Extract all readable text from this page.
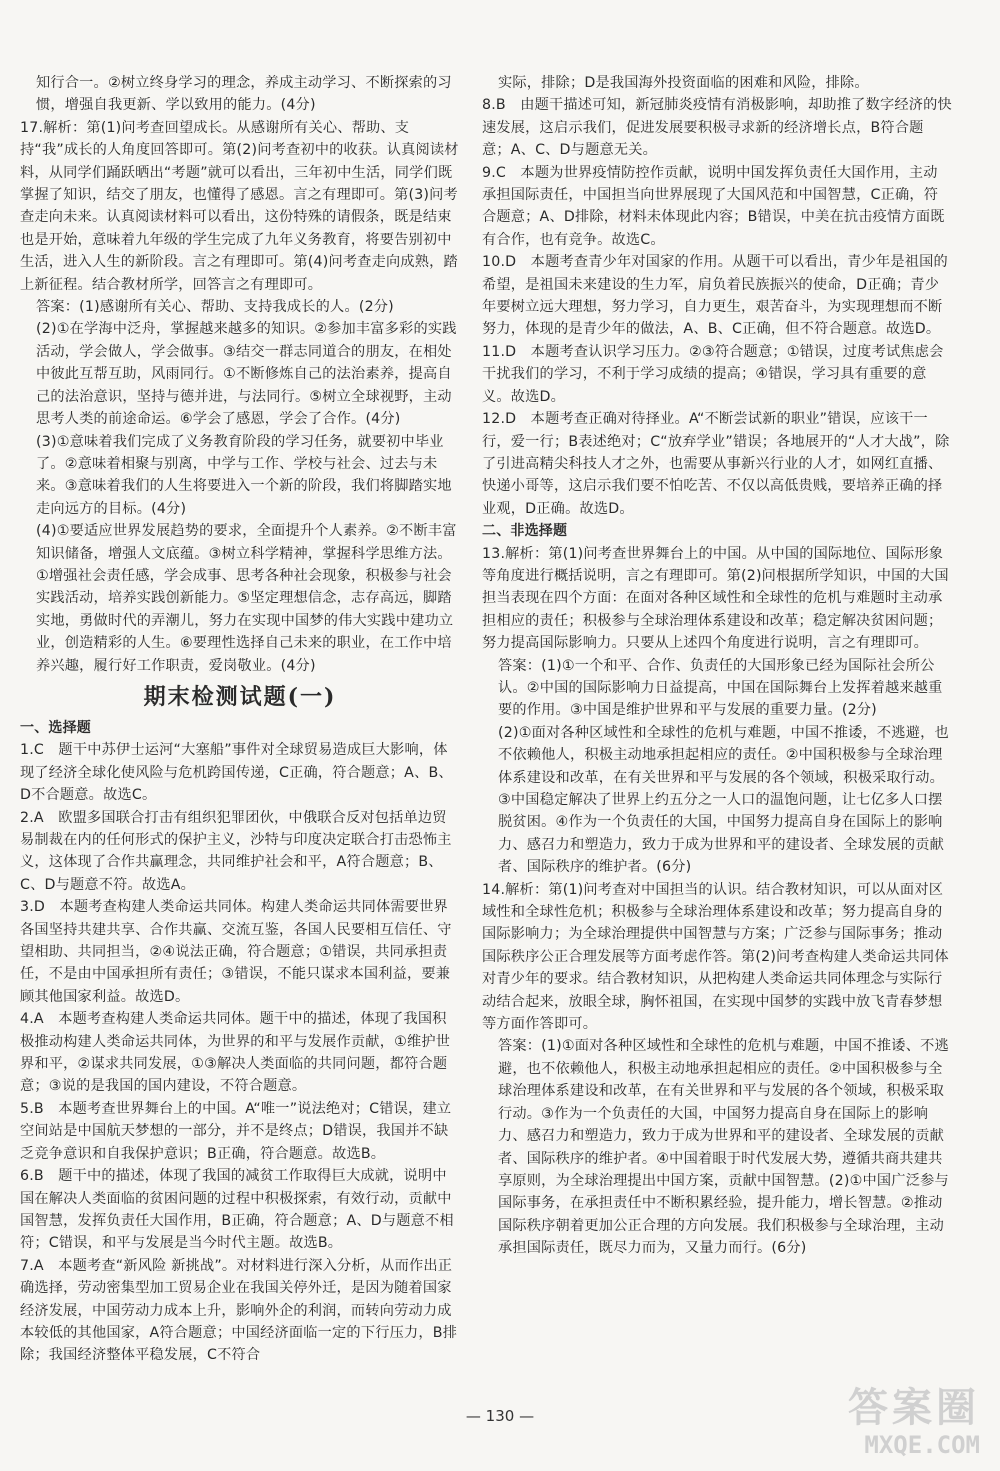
知行合一。②树立终身学习的理念，养成主动学习、不断探索的习惯，增强自我更新、学以致用的能力。(4分)

17.解析：第(1)问考查回望成长。从感谢所有关心、帮助、支持“我”成长的人角度回答即可。第(2)问考查初中的收获。认真阅读材料，从同学们踊跃晒出“考题”就可以看出，三年初中生活，同学们既掌握了知识，结交了朋友，也懂得了感恩。言之有理即可。第(3)问考查走向未来。认真阅读材料可以看出，这份特殊的请假条，既是结束也是开始，意味着九年级的学生完成了九年义务教育，将要告别初中生活，进入人生的新阶段。言之有理即可。第(4)问考查走向成熟，踏上新征程。结合教材所学，回答言之有理即可。

答案：(1)感谢所有关心、帮助、支持我成长的人。(2分)

(2)①在学海中泛舟，掌握越来越多的知识。②参加丰富多彩的实践活动，学会做人，学会做事。③结交一群志同道合的朋友，在相处中彼此互帮互助，风雨同行。①不断修炼自己的法治素养，提高自己的法治意识，坚持与德并进，与法同行。⑤树立全球视野，主动思考人类的前途命运。⑥学会了感恩，学会了合作。(4分)

(3)①意味着我们完成了义务教育阶段的学习任务，就要初中毕业了。②意味着相聚与别离，中学与工作、学校与社会、过去与未来。③意味着我们的人生将要进入一个新的阶段，我们将脚踏实地走向远方的目标。(4分)

(4)①要适应世界发展趋势的要求，全面提升个人素养。②不断丰富知识储备，增强人文底蕴。③树立科学精神，掌握科学思维方法。①增强社会责任感，学会成事、思考各种社会现象，积极参与社会实践活动，培养实践创新能力。⑤坚定理想信念，志存高远，脚踏实地，勇做时代的弄潮儿，努力在实现中国梦的伟大实践中建功立业，创造精彩的人生。⑥要理性选择自己未来的职业，在工作中培养兴趣，履行好工作职责，爱岗敬业。(4分)

期末检测试题(一)
一、选择题

1.C　题干中苏伊士运河“大塞船”事件对全球贸易造成巨大影响，体现了经济全球化使风险与危机跨国传递，C正确，符合题意；A、B、D不合题意。故选C。

2.A　欧盟多国联合打击有组织犯罪团伙，中俄联合反对包括单边贸易制裁在内的任何形式的保护主义，沙特与印度决定联合打击恐怖主义，这体现了合作共赢理念，共同维护社会和平，A符合题意；B、C、D与题意不符。故选A。

3.D　本题考查构建人类命运共同体。构建人类命运共同体需要世界各国坚持共建共享、合作共赢、交流互鉴，各国人民要相互信任、守望相助、共同担当，②④说法正确，符合题意；①错误，共同承担责任，不是由中国承担所有责任；③错误，不能只谋求本国利益，要兼顾其他国家利益。故选D。

4.A　本题考查构建人类命运共同体。题干中的描述，体现了我国积极推动构建人类命运共同体，为世界的和平与发展作贡献，①维护世界和平，②谋求共同发展，①③解决人类面临的共同问题，都符合题意；③说的是我国的国内建设，不符合题意。

5.B　本题考查世界舞台上的中国。A“唯一”说法绝对；C错误，建立空间站是中国航天梦想的一部分，并不是终点；D错误，我国并不缺乏竞争意识和自我保护意识；B正确，符合题意。故选B。

6.B　题干中的描述，体现了我国的减贫工作取得巨大成就，说明中国在解决人类面临的贫困问题的过程中积极探索，有效行动，贡献中国智慧，发挥负责任大国作用，B正确，符合题意；A、D与题意不相符；C错误，和平与发展是当今时代主题。故选B。

7.A　本题考查“新风险 新挑战”。对材料进行深入分析，从而作出正确选择，劳动密集型加工贸易企业在我国关停外迁，是因为随着国家经济发展，中国劳动力成本上升，影响外企的利润，而转向劳动力成本较低的其他国家，A符合题意；中国经济面临一定的下行压力，B排除；我国经济整体平稳发展，C不符合

实际，排除；D是我国海外投资面临的困难和风险，排除。

8.B　由题干描述可知，新冠肺炎疫情有消极影响，却助推了数字经济的快速发展，这启示我们，促进发展要积极寻求新的经济增长点，B符合题意；A、C、D与题意无关。

9.C　本题为世界疫情防控作贡献，说明中国发挥负责任大国作用，主动承担国际责任，中国担当向世界展现了大国风范和中国智慧，C正确，符合题意；A、D排除，材料未体现此内容；B错误，中美在抗击疫情方面既有合作，也有竞争。故选C。

10.D　本题考查青少年对国家的作用。从题干可以看出，青少年是祖国的希望，是祖国未来建设的生力军，肩负着民族振兴的使命，D正确；青少年要树立远大理想，努力学习，自力更生，艰苦奋斗，为实现理想而不断努力，体现的是青少年的做法，A、B、C正确，但不符合题意。故选D。

11.D　本题考查认识学习压力。②③符合题意；①错误，过度考试焦虑会干扰我们的学习，不利于学习成绩的提高；④错误，学习具有重要的意义。故选D。

12.D　本题考查正确对待择业。A“不断尝试新的职业”错误，应该干一行，爱一行；B表述绝对；C“放弃学业”错误；各地展开的“人才大战”，除了引进高精尖科技人才之外，也需要从事新兴行业的人才，如网红直播、快递小哥等，这启示我们要不怕吃苦、不仅以高低贵贱，要培养正确的择业观，D正确。故选D。

二、非选择题

13.解析：第(1)问考查世界舞台上的中国。从中国的国际地位、国际形象等角度进行概括说明，言之有理即可。第(2)问根据所学知识，中国的大国担当表现在四个方面：在面对各种区域性和全球性的危机与难题时主动承担相应的责任；积极参与全球治理体系建设和改革；稳定解决贫困问题；努力提高国际影响力。只要从上述四个角度进行说明，言之有理即可。

答案：(1)①一个和平、合作、负责任的大国形象已经为国际社会所公认。②中国的国际影响力日益提高，中国在国际舞台上发挥着越来越重要的作用。③中国是维护世界和平与发展的重要力量。(2分)

(2)①面对各种区域性和全球性的危机与难题，中国不推诿，不逃避，也不依赖他人，积极主动地承担起相应的责任。②中国积极参与全球治理体系建设和改革，在有关世界和平与发展的各个领域，积极采取行动。③中国稳定解决了世界上约五分之一人口的温饱问题，让七亿多人口摆脱贫困。④作为一个负责任的大国，中国努力提高自身在国际上的影响力、感召力和塑造力，致力于成为世界和平的建设者、全球发展的贡献者、国际秩序的维护者。(6分)

14.解析：第(1)问考查对中国担当的认识。结合教材知识，可以从面对区域性和全球性危机；积极参与全球治理体系建设和改革；努力提高自身的国际影响力；为全球治理提供中国智慧与方案；广泛参与国际事务；推动国际秩序公正合理发展等方面考虑作答。第(2)问考查构建人类命运共同体对青少年的要求。结合教材知识，从把构建人类命运共同体理念与实际行动结合起来，放眼全球，胸怀祖国，在实现中国梦的实践中放飞青春梦想等方面作答即可。

答案：(1)①面对各种区域性和全球性的危机与难题，中国不推诿、不逃避，也不依赖他人，积极主动地承担起相应的责任。②中国积极参与全球治理体系建设和改革，在有关世界和平与发展的各个领域，积极采取行动。③作为一个负责任的大国，中国努力提高自身在国际上的影响力、感召力和塑造力，致力于成为世界和平的建设者、全球发展的贡献者、国际秩序的维护者。④中国着眼于时代发展大势，遵循共商共建共享原则，为全球治理提出中国方案，贡献中国智慧。(2)①中国广泛参与国际事务，在承担责任中不断积累经验，提升能力，增长智慧。②推动国际秩序朝着更加公正合理的方向发展。我们积极参与全球治理，主动承担国际责任，既尽力而为，又量力而行。(6分)

— 130 —	答案圈
MXQE.COM
